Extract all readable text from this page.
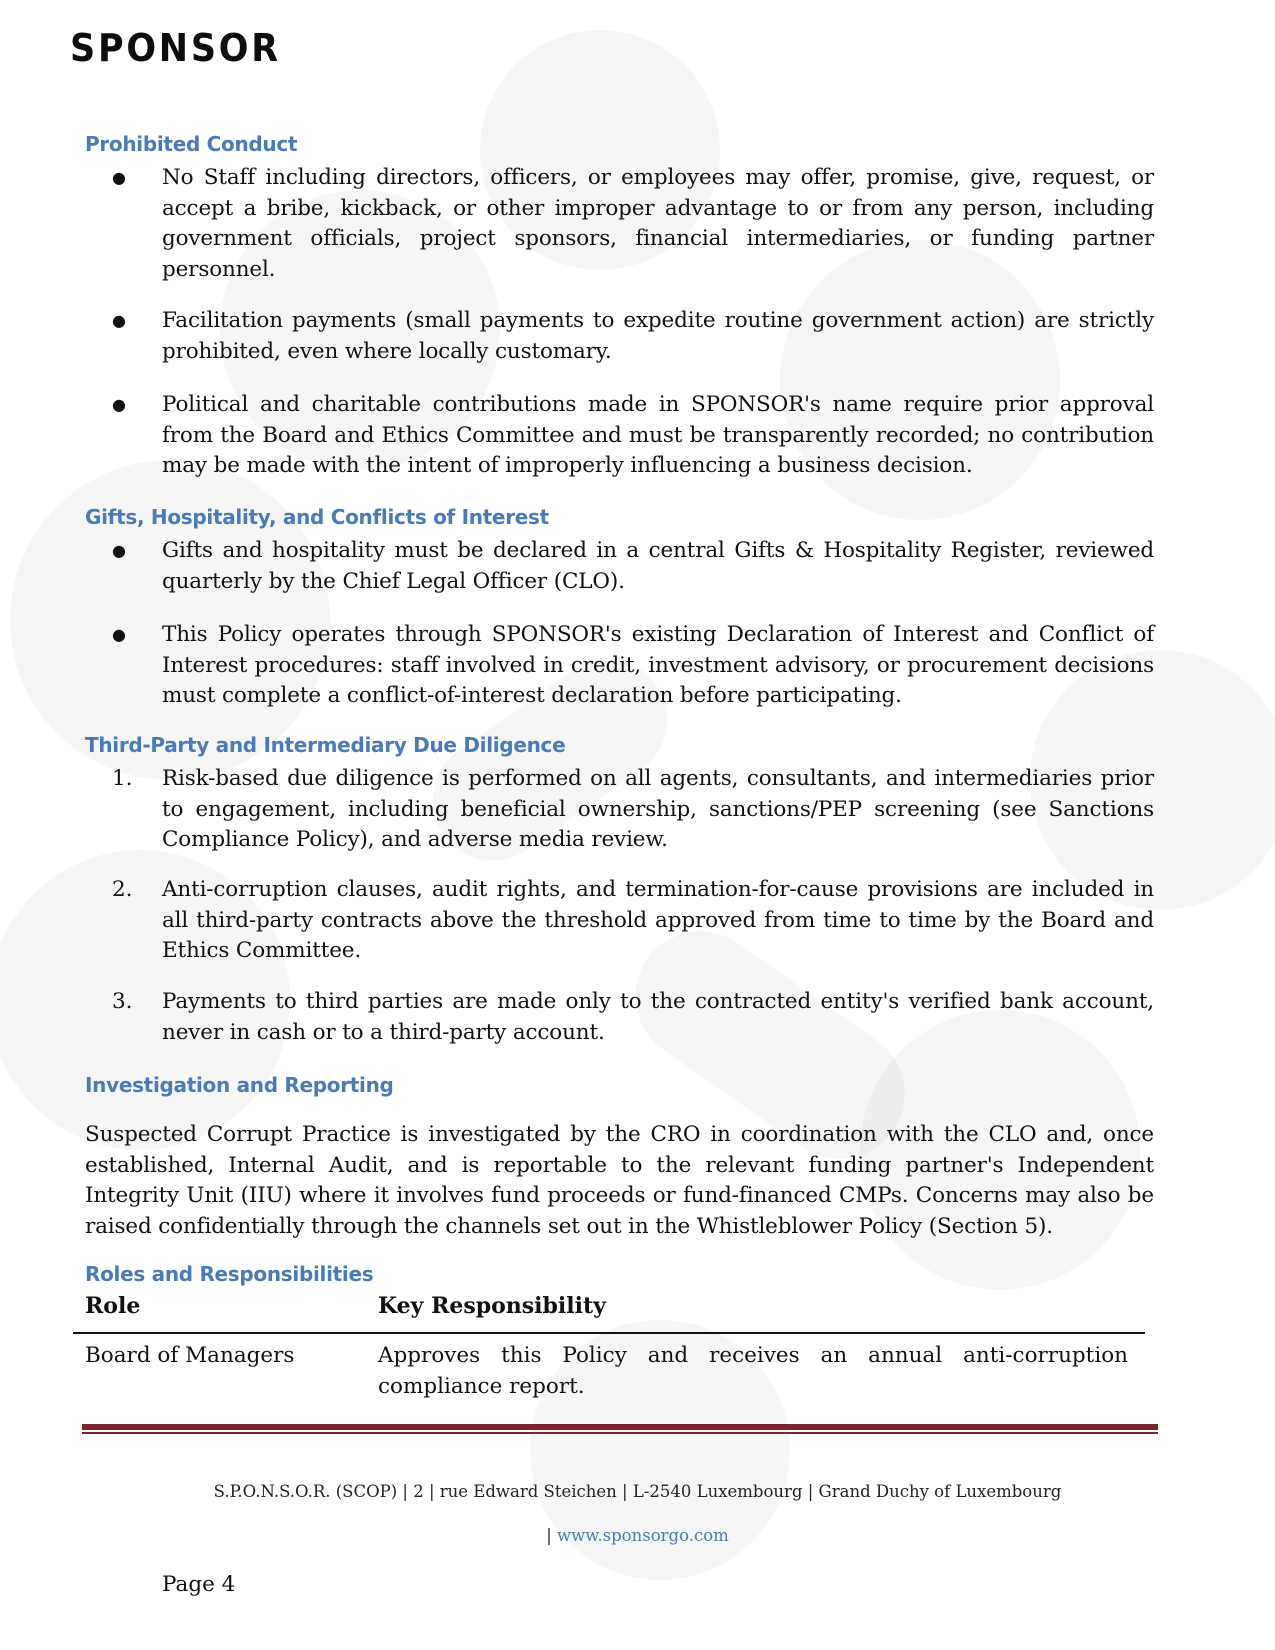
SPONSOR
Prohibited Conduct
●	No Staff including directors, officers, or employees may offer, promise, give, request, or accept a bribe, kickback, or other improper advantage to or from any person, including government officials, project sponsors, financial intermediaries, or funding partner personnel.
●	Facilitation payments (small payments to expedite routine government action) are strictly prohibited, even where locally customary.
●	Political and charitable contributions made in SPONSOR's name require prior approval from the Board and Ethics Committee and must be transparently recorded; no contribution may be made with the intent of improperly influencing a business decision.
Gifts, Hospitality, and Conflicts of Interest
●	Gifts and hospitality must be declared in a central Gifts & Hospitality Register, reviewed quarterly by the Chief Legal Officer (CLO).
●	This Policy operates through SPONSOR's existing Declaration of Interest and Conflict of Interest procedures: staff involved in credit, investment advisory, or procurement decisions must complete a conflict-of-interest declaration before participating.
Third-Party and Intermediary Due Diligence
1.	Risk-based due diligence is performed on all agents, consultants, and intermediaries prior to engagement, including beneficial ownership, sanctions/PEP screening (see Sanctions Compliance Policy), and adverse media review.
2.	Anti-corruption clauses, audit rights, and termination-for-cause provisions are included in all third-party contracts above the threshold approved from time to time by the Board and Ethics Committee.
3.	Payments to third parties are made only to the contracted entity's verified bank account, never in cash or to a third-party account.
Investigation and Reporting
Suspected Corrupt Practice is investigated by the CRO in coordination with the CLO and, once established, Internal Audit, and is reportable to the relevant funding partner's Independent Integrity Unit (IIU) where it involves fund proceeds or fund-financed CMPs. Concerns may also be raised confidentially through the channels set out in the Whistleblower Policy (Section 5).
Roles and Responsibilities
Role	Key Responsibility
Board of Managers	Approves this Policy and receives an annual anti-corruption compliance report.
S.P.O.N.S.O.R. (SCOP) | 2 | rue Edward Steichen | L-2540 Luxembourg | Grand Duchy of Luxembourg
| www.sponsorgo.com
Page 4
